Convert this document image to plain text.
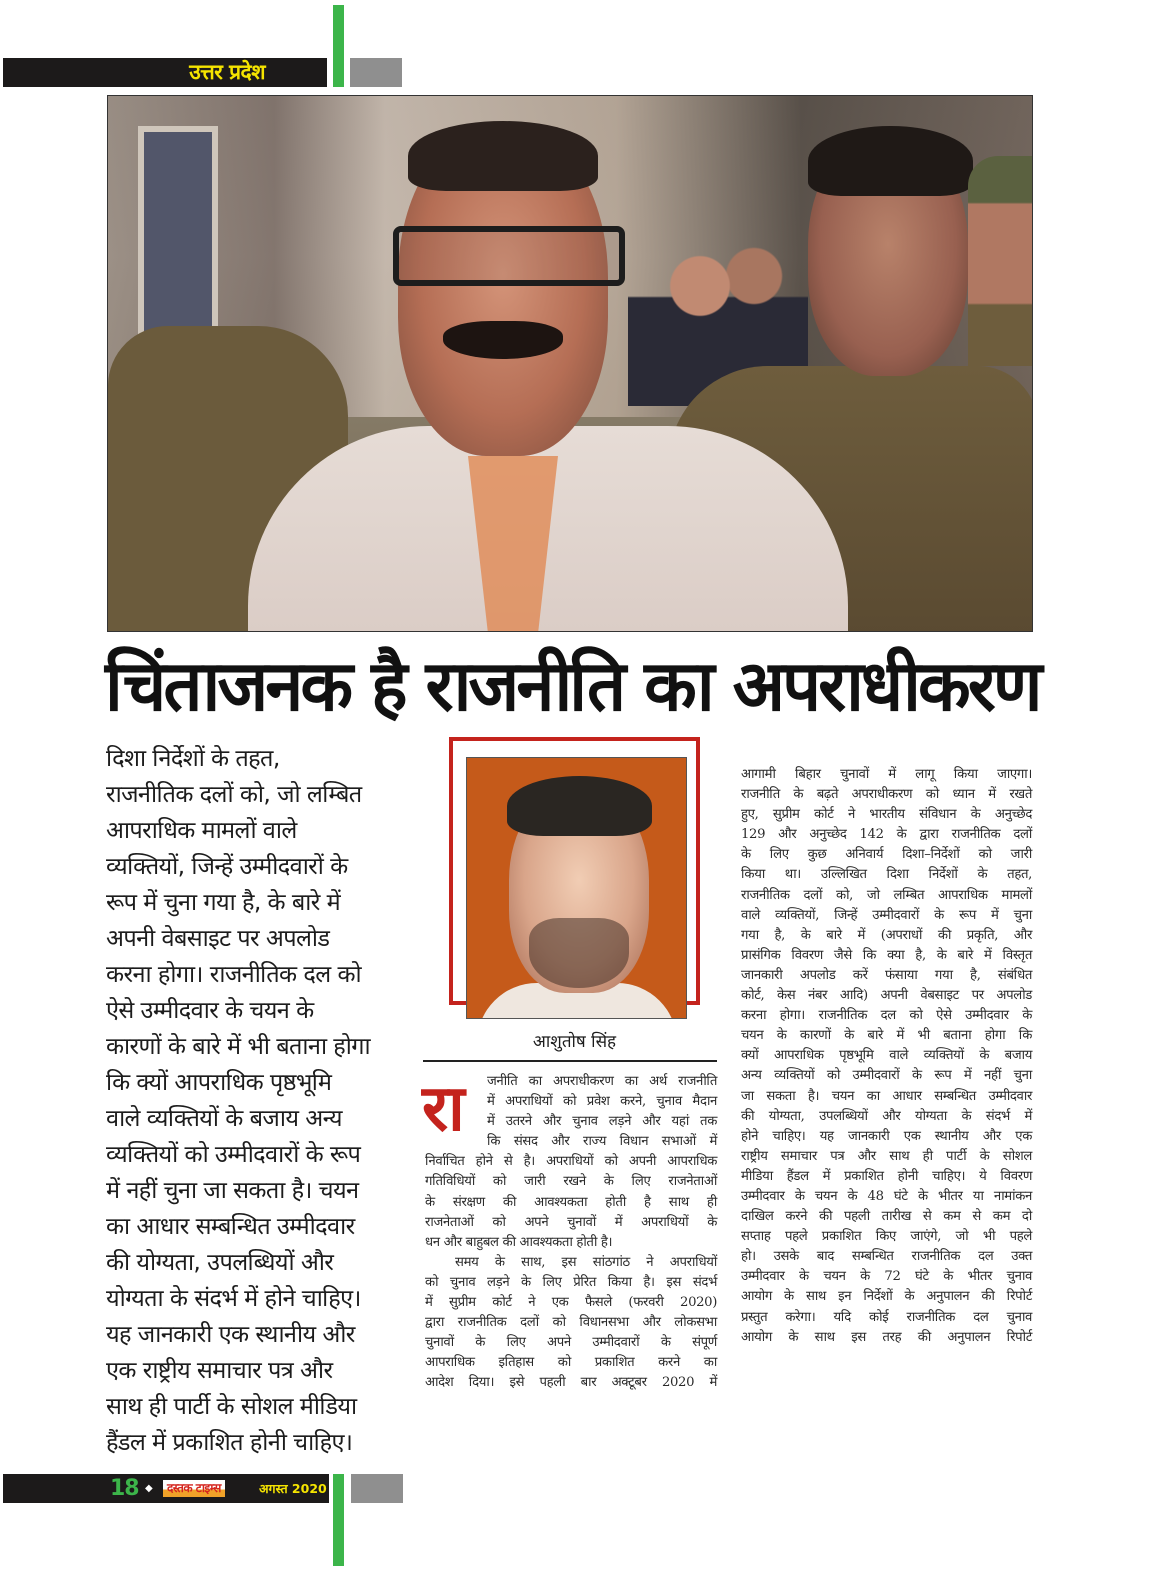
उत्तर प्रदेश
चिंताजनक है राजनीति का अपराधीकरण
दिशा निर्देशों के तहत,
राजनीतिक दलों को, जो लम्बित
आपराधिक मामलों वाले
व्यक्तियों, जिन्हें उम्मीदवारों के
रूप में चुना गया है, के बारे में
अपनी वेबसाइट पर अपलोड
करना होगा। राजनीतिक दल को
ऐसे उम्मीदवार के चयन के
कारणों के बारे में भी बताना होगा
कि क्यों आपराधिक पृष्ठभूमि
वाले व्यक्तियों के बजाय अन्य
व्यक्तियों को उम्मीदवारों के रूप
में नहीं चुना जा सकता है। चयन
का आधार सम्बन्धित उम्मीदवार
की योग्यता, उपलब्धियों और
योग्यता के संदर्भ में होने चाहिए।
यह जानकारी एक स्थानीय और
एक राष्ट्रीय समाचार पत्र और
साथ ही पार्टी के सोशल मीडिया
हैंडल में प्रकाशित होनी चाहिए।
आशुतोष सिंह
रा	जनीति का अपराधीकरण का अर्थ राजनीति
में अपराधियों को प्रवेश करने, चुनाव मैदान
में उतरने और चुनाव लड़ने और यहां तक
कि संसद और राज्य विधान सभाओं में
निर्वाचित होने से है। अपराधियों को अपनी आपराधिक
गतिविधियों को जारी रखने के लिए राजनेताओं
के संरक्षण की आवश्यकता होती है साथ ही
राजनेताओं को अपने चुनावों में अपराधियों के
धन और बाहुबल की आवश्यकता होती है।
समय के साथ, इस सांठगांठ ने अपराधियों
को चुनाव लड़ने के लिए प्रेरित किया है। इस संदर्भ
में सुप्रीम कोर्ट ने एक फैसले (फरवरी 2020)
द्वारा राजनीतिक दलों को विधानसभा और लोकसभा
चुनावों के लिए अपने उम्मीदवारों के संपूर्ण
आपराधिक इतिहास को प्रकाशित करने का
आदेश दिया। इसे पहली बार अक्टूबर 2020 में
आगामी बिहार चुनावों में लागू किया जाएगा।
राजनीति के बढ़ते अपराधीकरण को ध्यान में रखते
हुए, सुप्रीम कोर्ट ने भारतीय संविधान के अनुच्छेद
129 और अनुच्छेद 142 के द्वारा राजनीतिक दलों
के लिए कुछ अनिवार्य दिशा–निर्देशों को जारी
किया था। उल्लिखित दिशा निर्देशों के तहत,
राजनीतिक दलों को, जो लम्बित आपराधिक मामलों
वाले व्यक्तियों, जिन्हें उम्मीदवारों के रूप में चुना
गया है, के बारे में (अपराधों की प्रकृति, और
प्रासंगिक विवरण जैसे कि क्या है, के बारे में विस्तृत
जानकारी अपलोड करें फंसाया गया है, संबंधित
कोर्ट, केस नंबर आदि) अपनी वेबसाइट पर अपलोड
करना होगा। राजनीतिक दल को ऐसे उम्मीदवार के
चयन के कारणों के बारे में भी बताना होगा कि
क्यों आपराधिक पृष्ठभूमि वाले व्यक्तियों के बजाय
अन्य व्यक्तियों को उम्मीदवारों के रूप में नहीं चुना
जा सकता है। चयन का आधार सम्बन्धित उम्मीदवार
की योग्यता, उपलब्धियों और योग्यता के संदर्भ में
होने चाहिए। यह जानकारी एक स्थानीय और एक
राष्ट्रीय समाचार पत्र और साथ ही पार्टी के सोशल
मीडिया हैंडल में प्रकाशित होनी चाहिए। ये विवरण
उम्मीदवार के चयन के 48 घंटे के भीतर या नामांकन
दाखिल करने की पहली तारीख से कम से कम दो
सप्ताह पहले प्रकाशित किए जाएंगे, जो भी पहले
हो। उसके बाद सम्बन्धित राजनीतिक दल उक्त
उम्मीदवार के चयन के 72 घंटे के भीतर चुनाव
आयोग के साथ इन निर्देशों के अनुपालन की रिपोर्ट
प्रस्तुत करेगा। यदि कोई राजनीतिक दल चुनाव
आयोग के साथ इस तरह की अनुपालन रिपोर्ट
18 ◆	दस्तक टाइम्स	अगस्त 2020
